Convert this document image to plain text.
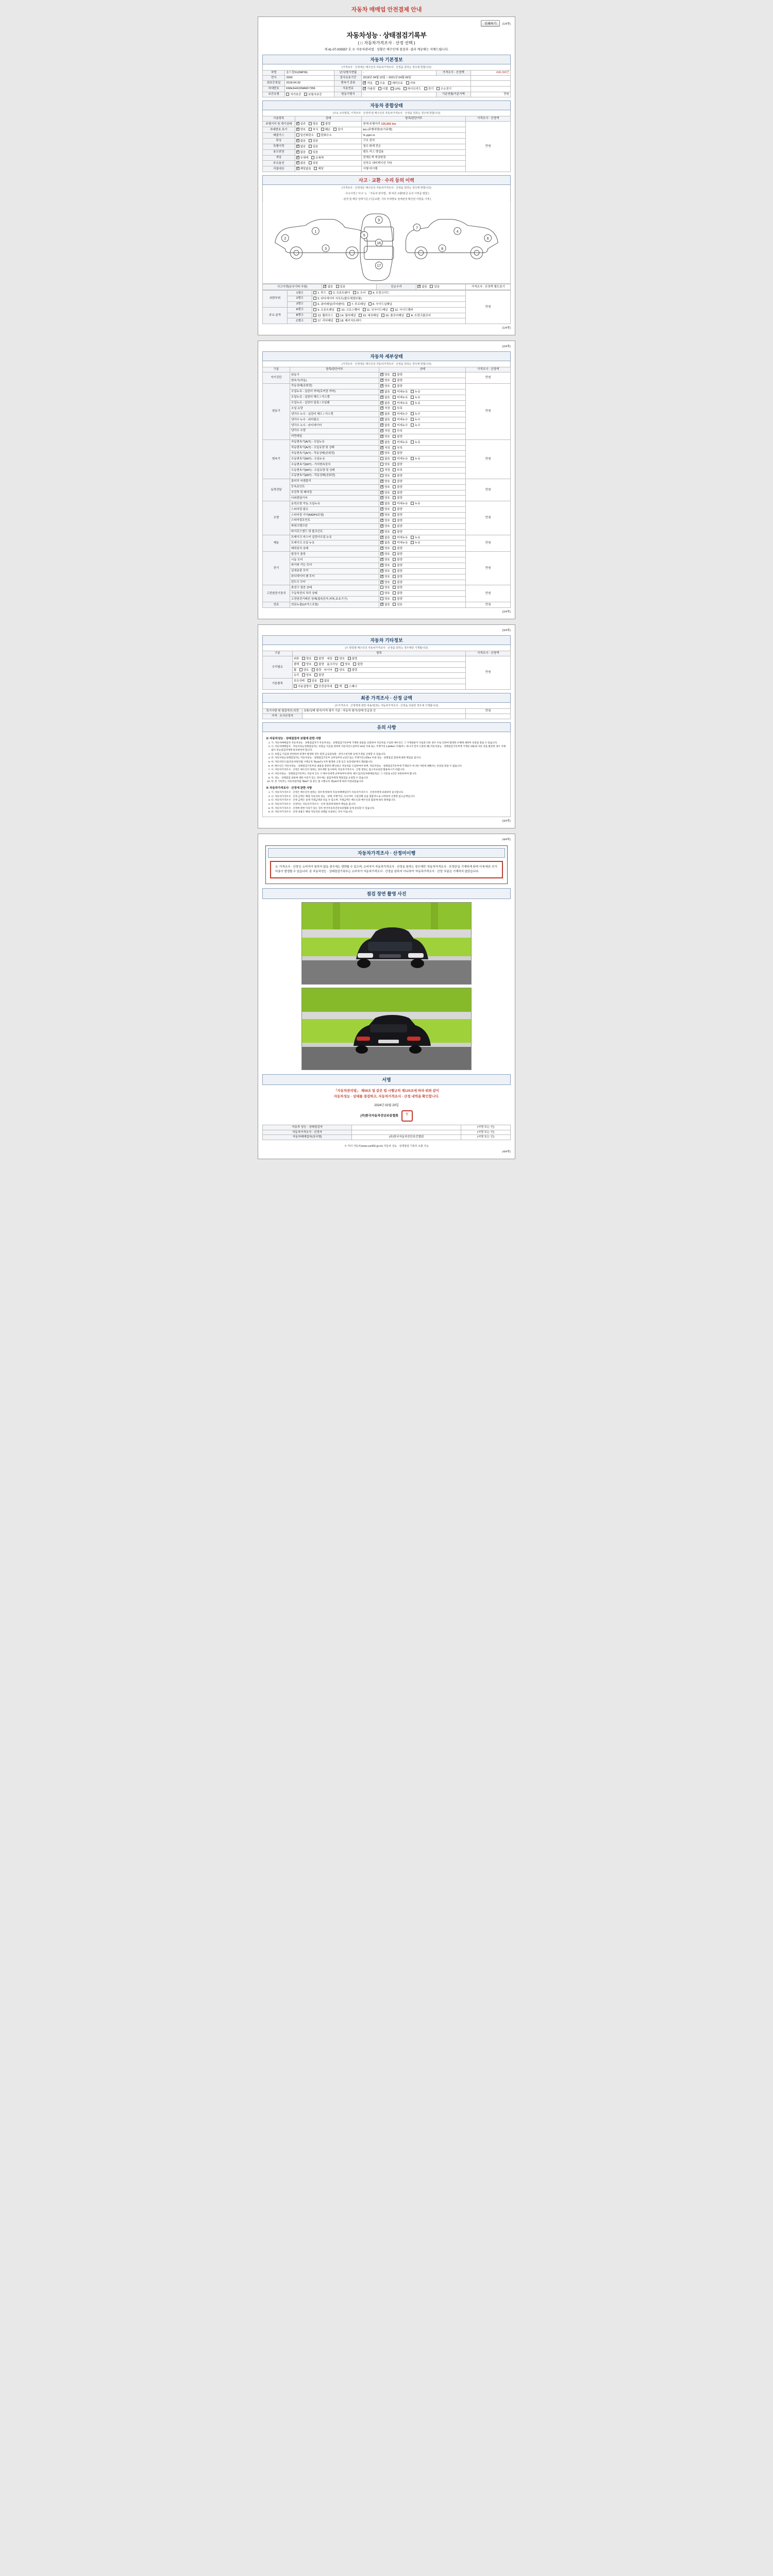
자동차 매매업 안전결제 안내
인쇄하기	(1/4쪽)
자동차성능 · 상태점검기록부
( □ 자동차가격조사 · 산정 선택 )
제 41-07-000557 호 ※ 자동차관리법 · 상황은 매수인에 점검과 ·결과 계공해는 서예드립니다.
자동차 기본정보
(가격조사 · 산정액은 매수인의 자동차가격조사 · 산정을 원하는 경우에 한합니다)
차명	올드컵S1(NMTA)	년식/형식연월	-	가격조사 · 산정액	498,286만
연식	2009	검사유효기간	2019년 04월 10일 ~ 2021년 04월 09일		
최초등록일	2018.04.30	변속기 종류	✓자동 수동 세미오토 기타	
차대번호	KMHJH41DMAKF7356	사용연료	✓가솔린 디젤 LPG 하이브리드 전기 수소전기	
보증유형	자가보증 보험사보증	원동기형식	-	기준연월/기준가액	만원
자동차 종합상태
(주요 조사항목, 가격조사 · 산정액 및 매수인의 자동차가격조사 · 산정을 원하는 경우에 한합니다)
사용항목	상태	항목/판단여부	가격조사 · 산정액
주행거리 및 계기상태	✓실주 양호 불량	현재 주행거리 135,902 km	만원
차대번호 표기	✓양호 부식 훼손 상이	km (주행차량/초기주행)	
배출가스	일산화탄소 탄화수소	% ppm m	
튜닝	✓없음 있음	구조 장치	
특별이력	✓없음 있음	침수 화재 전손	
용도변경	✓없음 있음	렌트 리스 영업용	
색상	✓무채색 유채색	전체도색 색상변경	
주요옵션	✓없음 있음	선루프 내비게이션 기타	
리콜대상	✓해당없음 해당	이행 미이행	
사고 · 교환 · 수리 등의 이력
(가격조사 · 산정액은 매수인의 자동차가격조사 · 산정을 원하는 경우에 한합니다)
· 사고이력 ( '사고' 는 「자동차 관리법」에 따른 교환/판금 등의 이력을 말함 )
· 판정 및 해당 상태기준 (기준교환, 기타 부위별로 상태판정 확인된 사항을 기재 )
1
2
3
5
9
16
17
4
6
8
7
사고이력(유무기타 사항)	✓없음 있음	단순수리	✓없음 있음	가격조사 · 산정액 별도표기
외판부위	1랭크	1. 후드 2. 프론트팬더 3. 도어 4. 트렁크리드	만원
	2랭크	5. 라디에이터 서포트(볼트체결부품)	
	3랭크	6. 쿼터패널(리어팬더) 7. 루프패널 8. 사이드실패널	
주요 골격	A랭크	9. 프론트패널 10. 크로스멤버 11. 인사이드패널 12. 사이드멤버	
	B랭크	13. 휠하우스 14. 필러패널 15. 대쉬패널 16. 플로어패널 A. 트렁크플로어	
	C랭크	17. 리어패널 18. 패키지트레이	
(1/4쪽)
(2/4쪽)
자동차 세부상태
(가격조사 · 산정액은 매수인의 자동차가격조사 · 산정을 원하는 경우에 한합니다)
구분	항목/판단여부	상태	가격조사 · 산정액
자기진단	원동기	✓양호 불량	만원
	변속기(자동)	✓양호 불량
원동기	작동상태(공회전)	✓양호 불량	만원
	오일누유 - 실린더 커버(로커암 커버)	✓없음 미세누유 누유
	오일누유 - 실린더 헤드 / 가스켓	✓없음 미세누유 누유
	오일누유 - 실린더 블록 / 오일팬	✓없음 미세누유 누유
	오일 유량	✓적정 부족
	냉각수 누수 - 실린더 헤드 / 가스켓	✓없음 미세누수 누수
	냉각수 누수 - 워터펌프	✓없음 미세누수 누수
	냉각수 누수 - 라디에이터	✓없음 미세누수 누수
	냉각수 수량	✓적정 부족
	커먼레일	✓양호 불량
변속기	자동변속기(A/T) - 오일누유	✓없음 미세누유 누유	만원
	자동변속기(A/T) - 오일유량 및 상태	✓적정 부족
	자동변속기(A/T) - 작동상태(공회전)	✓양호 불량
	수동변속기(M/T) - 오일누유	없음 미세누유 누유	
	수동변속기(M/T) - 기어변속장치	양호 불량	
	수동변속기(M/T) - 오일유량 및 상태	적정 부족	
	수동변속기(M/T) - 작동상태(공회전)	양호 불량	
동력전달	클러치 어셈블리	✓양호 불량	만원
	등속죠인트	✓양호 불량
	추진축 및 베어링	✓양호 불량
	디퍼렌셜기어	✓양호 불량
조향	동력조향 작동 오일누유	✓없음 미세누유 누유	만원
	스티어링 펌프	✓양호 불량
	스티어링 기어(MDPS포함)	✓양호 불량
	스티어링조인트	✓양호 불량
	파워크랭크암	✓양호 불량
	타이로드엔드 및 볼조인트	✓양호 불량
제동	브레이크 마스터 실린더오일 누유	✓없음 미세누유 누유	만원
	브레이크 오일 누유	✓없음 미세누유 누유
	배력장치 상태	✓양호 불량
전기	발전기 출력	✓양호 불량	만원
	시동 모터	✓양호 불량
	와이퍼 기능 모터	✓양호 불량
	실내송풍 모터	✓양호 불량
	라디에이터 팬 모터	✓양호 불량
	윈도우 모터	✓양호 불량
고전원전기장치	충전구 절연 상태	양호 불량	만원
	구동축전지 격리 상태	양호 불량	
	고전원전기배선 상태(접속단자,피복,보호기구)	양호 불량	
연료	연료누출(LP가스포함)	✓없음 있음	만원
(2/4쪽)
(3/4쪽)
자동차 기타정보
(※ 항목별 매수인의 자동차가격조사 · 산정을 원하는 경우에만 기재합니다)
구분	항목	가격조사 · 산정액
수리필요	외판 양호 불량 내장 양호 불량	만원
	광택 양호 불량 룸크리닝 양호 불량	
	휠 양호 불량 타이어 양호 불량	
	유리 양호 불량	
기본품목	보유상태 있음 없음	
	사용설명서 안전삼각대 잭 스패너	
최종 가격조사 · 산정 금액
(※가격조사 · 산정액에 관한 내용/결과는 자동차가격조사 · 산정을 의뢰한 경우에 기재합니다)
특기사항 및 점검자의 의견	상품/상태 평가/가격 평가 기준 : 자동차 평가/상태 등급표 등	만원
가격 · 조사산정자		
유의 사항
※ 자동차성능 · 상태점검자 보험에 관한 사항
1. 가. 자동차매매업자 자동차성능 · 상태점검자가 자동차성능 · 상태점검기록부에 기재한 내용을 신뢰하여 자동차를 구입한 매수인은 그 기재내용이 사실과 다른 경우 이로 인하여 발생한 손해에 대하여 보장을 받을 수 있습니다.
2. 나. 자동차매매업자 · 자동차성능상태점검자는 보험금 지급을 위하여 자동차인도일부터 30일 이내 또는 주행거리 2,000km 이내(어느 하나가 먼저 도달한 때) 자동차성능 · 상태점검기록부에 기재된 내용과 다른 것을 발견한 경우 지체없이 성능점검자에게 통보하여야 합니다.
3. 다. 보험금 지급과 관련하여 분쟁이 발생한 경우 관할 금융감독원 · 한국소비자원 등에 조정을 신청할 수 있습니다.
4. 라. 자동차성능상태점검자는 자동차성능 · 상태점검기록부 교부일부터 1년간 또는 주행거리 2만km 이내 성능 · 상태점검 결과에 대한 책임을 집니다.
5. 마. 자동차인도일(자동차관리법 시행규칙 제120조) 이후 발생한 고장 등은 보장대상에서 제외됩니다.
6. 바. 매수인은 자동차성능 · 상태점검기록부의 내용을 충분히 확인하고 자동차를 구입하여야 하며, 자동차성능 · 상태점검기록부에 기재되지 아니한 사항에 대해서는 보장을 받을 수 없습니다.
7. 사. 자동차가격조사 · 산정은 매수인이 원하는 경우에만 실시하며, 자동차가격조사 · 산정 결과는 참고자료로만 활용하시기 바랍니다.
8. 아. 자동차성능 · 상태점검기록부는 자동차 인도 시 매수인에게 교부하여야 하며, 매도인(자동차매매업자)은 그 사본을 1년간 보관하여야 합니다.
9. 자. 성능 · 상태점검 내용에 대한 이의가 있는 경우에는 점검자에게 재점검을 요청할 수 있습니다.
10. 차. 본 기록부는 자동차관리법 제58조 및 같은 법 시행규칙 제120조에 따라 작성되었습니다.
※ 자동차가격조사 · 산정에 관한 사항
1. 가. 자동차가격조사 · 산정은 매수인이 원하는 경우에 한하여 자동차매매업자가 자동차가격조사 · 산정자에게 의뢰하여 실시합니다.
2. 나. 자동차가격조사 · 산정 금액은 해당 자동차의 성능 · 상태, 주행거리, 사고이력, 시장상황 등을 종합적으로 고려하여 산정한 참고금액입니다.
3. 다. 자동차가격조사 · 산정 금액은 실제 거래금액과 다를 수 있으며, 거래금액은 매도인과 매수인의 합의에 따라 결정됩니다.
4. 라. 자동차가격조사 · 산정자는 자동차가격조사 · 산정 결과에 대하여 책임을 집니다.
5. 마. 자동차가격조사 · 산정에 관한 이의가 있는 경우 한국자동차진단보증협회 등에 문의할 수 있습니다.
6. 바. 자동차가격조사 · 산정 내용은 해당 자동차의 상태를 보증하는 것이 아닙니다.
(3/4쪽)
(4/4쪽)
자동차가격조사 · 산정미이행
※ '가격조사 · 산정'은 소비자가 원하지 않을 경우에는 생략할 수 있으며, 소비자가 자동차가격조사 · 산정을 원하는 경우에만 '자동차가격조사 · 산정란'을 기재하게 되며 이에 따른 추가비용이 발생할 수 있습니다. 본 자동차성능 · 상태점검기록부는 소비자가 자동차가격조사 · 산정을 원하지 아니하여 '자동차가격조사 · 산정' 부분은 기재하지 않았습니다.
점검 장면 촬영 사진
서명
「자동차관리법」 제58조 및 같은 법 시행규칙 제120조에 따라 위와 같이
자동차성능 · 상태를 점검하고, 자동차가격조사 · 산정 내역을 확인합니다.
2024년 02월 20일
(주)한국자동차진단보증협회 인
자동차 성능 · 상태점검자		(서명 또는 인)
자동차가격조사 · 산정자		(서명 또는 인)
자동차매매업자(상사명)	(주)한국자동차진단보증협회	(서명 또는 인)
※ 카더 자동차(www.car365.go.kr) 자동차 성능 · 상태점검 기록부 조회 가능
(4/4쪽)
